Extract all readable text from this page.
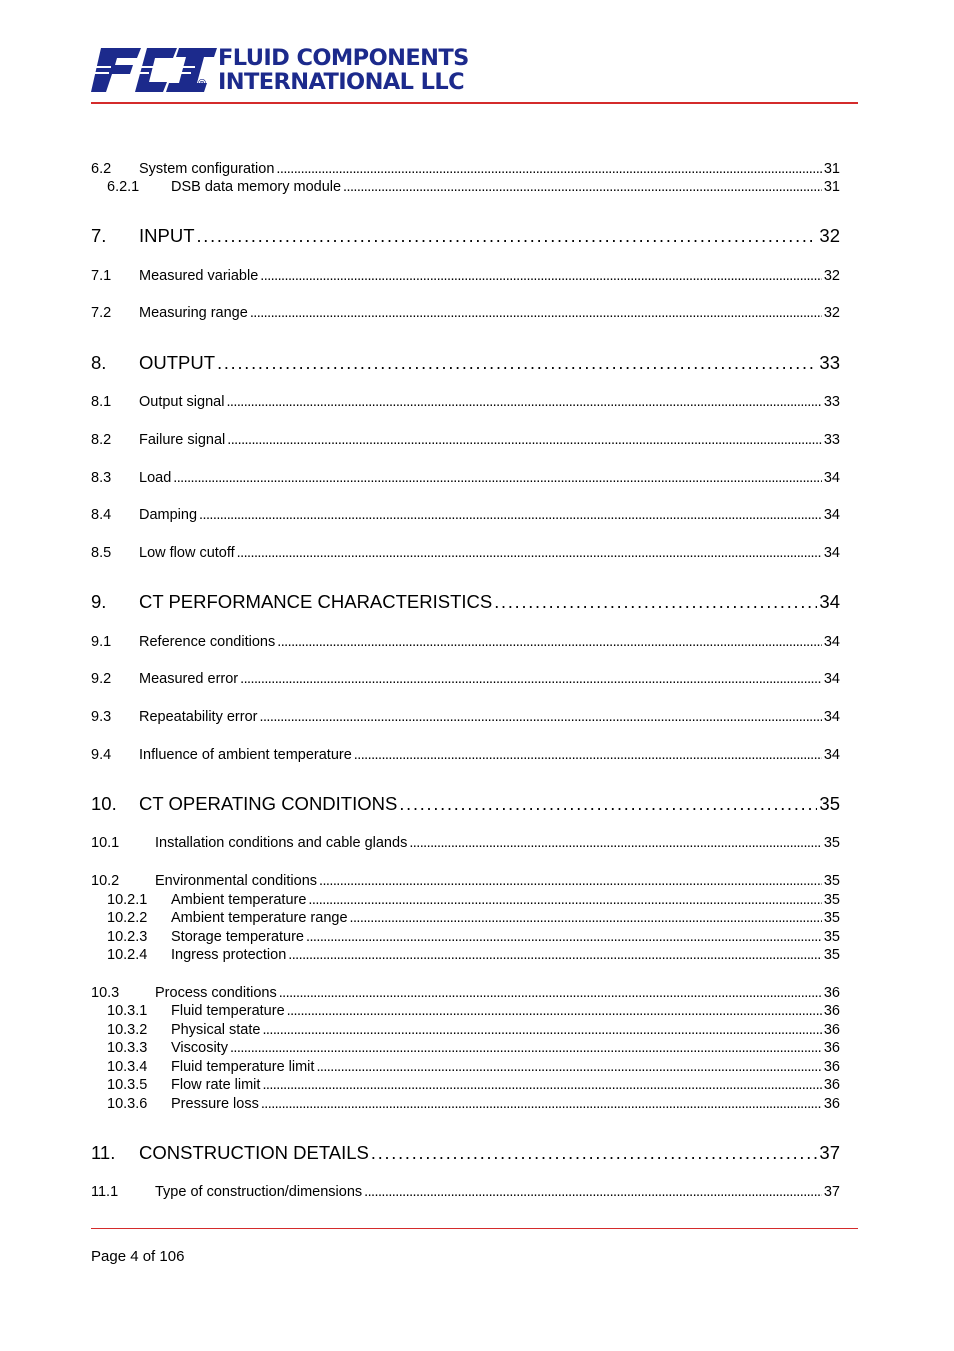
®
FLUID COMPONENTS
INTERNATIONAL LLC
6.2	System configuration . . .	31
6.2.1	DSB data memory module . . .	31
7.	INPUT . . .	32
7.1	Measured variable . . .	32
7.2	Measuring range . . .	32
8.	OUTPUT . . .	33
8.1	Output signal . . .	33
8.2	Failure signal . . .	33
8.3	Load . . .	34
8.4	Damping . . .	34
8.5	Low flow cutoff . . .	34
9.	CT PERFORMANCE CHARACTERISTICS . . .	34
9.1	Reference conditions . . .	34
9.2	Measured error . . .	34
9.3	Repeatability error . . .	34
9.4	Influence of ambient temperature . . .	34
10.	CT OPERATING CONDITIONS . . .	35
10.1	Installation conditions and cable glands . . .	35
10.2	Environmental conditions . . .	35
10.2.1	Ambient temperature . . .	35
10.2.2	Ambient temperature range . . .	35
10.2.3	Storage temperature . . .	35
10.2.4	Ingress protection . . .	35
10.3	Process conditions . . .	36
10.3.1	Fluid temperature . . .	36
10.3.2	Physical state . . .	36
10.3.3	Viscosity . . .	36
10.3.4	Fluid temperature limit . . .	36
10.3.5	Flow rate limit . . .	36
10.3.6	Pressure loss . . .	36
11.	CONSTRUCTION DETAILS . . .	37
11.1	Type of construction/dimensions . . .	37
Page 4 of 106
